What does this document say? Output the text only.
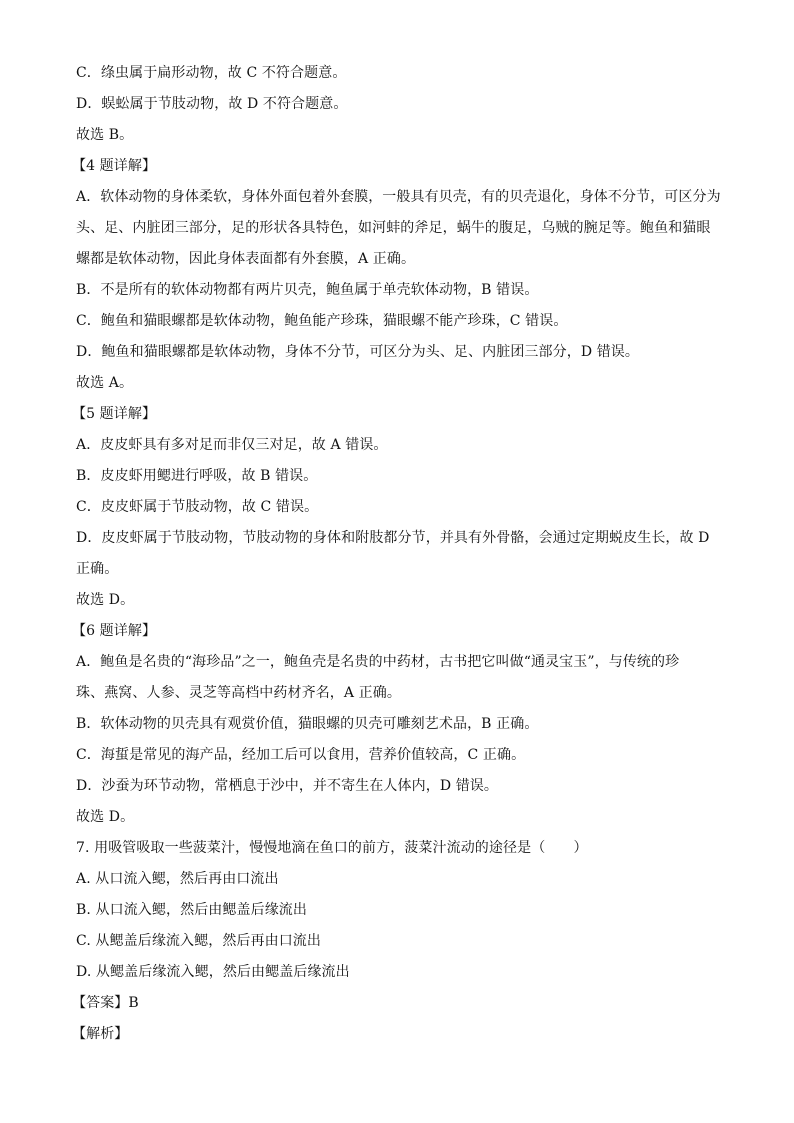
C．绦虫属于扁形动物，故 C 不符合题意。
D．蜈蚣属于节肢动物，故 D 不符合题意。
故选 B。
【4 题详解】
A．软体动物的身体柔软，身体外面包着外套膜，一般具有贝壳，有的贝壳退化，身体不分节，可区分为
头、足、内脏团三部分，足的形状各具特色，如河蚌的斧足，蜗牛的腹足，乌贼的腕足等。鲍鱼和猫眼
螺都是软体动物，因此身体表面都有外套膜，A 正确。
B．不是所有的软体动物都有两片贝壳，鲍鱼属于单壳软体动物，B 错误。
C．鲍鱼和猫眼螺都是软体动物，鲍鱼能产珍珠，猫眼螺不能产珍珠，C 错误。
D．鲍鱼和猫眼螺都是软体动物，身体不分节，可区分为头、足、内脏团三部分，D 错误。
故选 A。
【5 题详解】
A．皮皮虾具有多对足而非仅三对足，故 A 错误。
B．皮皮虾用鳃进行呼吸，故 B 错误。
C．皮皮虾属于节肢动物，故 C 错误。
D．皮皮虾属于节肢动物，节肢动物的身体和附肢都分节，并具有外骨骼，会通过定期蜕皮生长，故 D
正确。
故选 D。
【6 题详解】
A．鲍鱼是名贵的“海珍品”之一，鲍鱼壳是名贵的中药材，古书把它叫做“通灵宝玉”，与传统的珍
珠、燕窝、人参、灵芝等高档中药材齐名，A 正确。
B．软体动物的贝壳具有观赏价值，猫眼螺的贝壳可雕刻艺术品，B 正确。
C．海蜇是常见的海产品，经加工后可以食用，营养价值较高，C 正确。
D．沙蚕为环节动物，常栖息于沙中，并不寄生在人体内，D 错误。
故选 D。
7. 用吸管吸取一些菠菜汁，慢慢地滴在鱼口的前方，菠菜汁流动的途径是（　　）
A. 从口流入鳃，然后再由口流出
B. 从口流入鳃，然后由鳃盖后缘流出
C. 从鳃盖后缘流入鳃，然后再由口流出
D. 从鳃盖后缘流入鳃，然后由鳃盖后缘流出
【答案】B
【解析】
